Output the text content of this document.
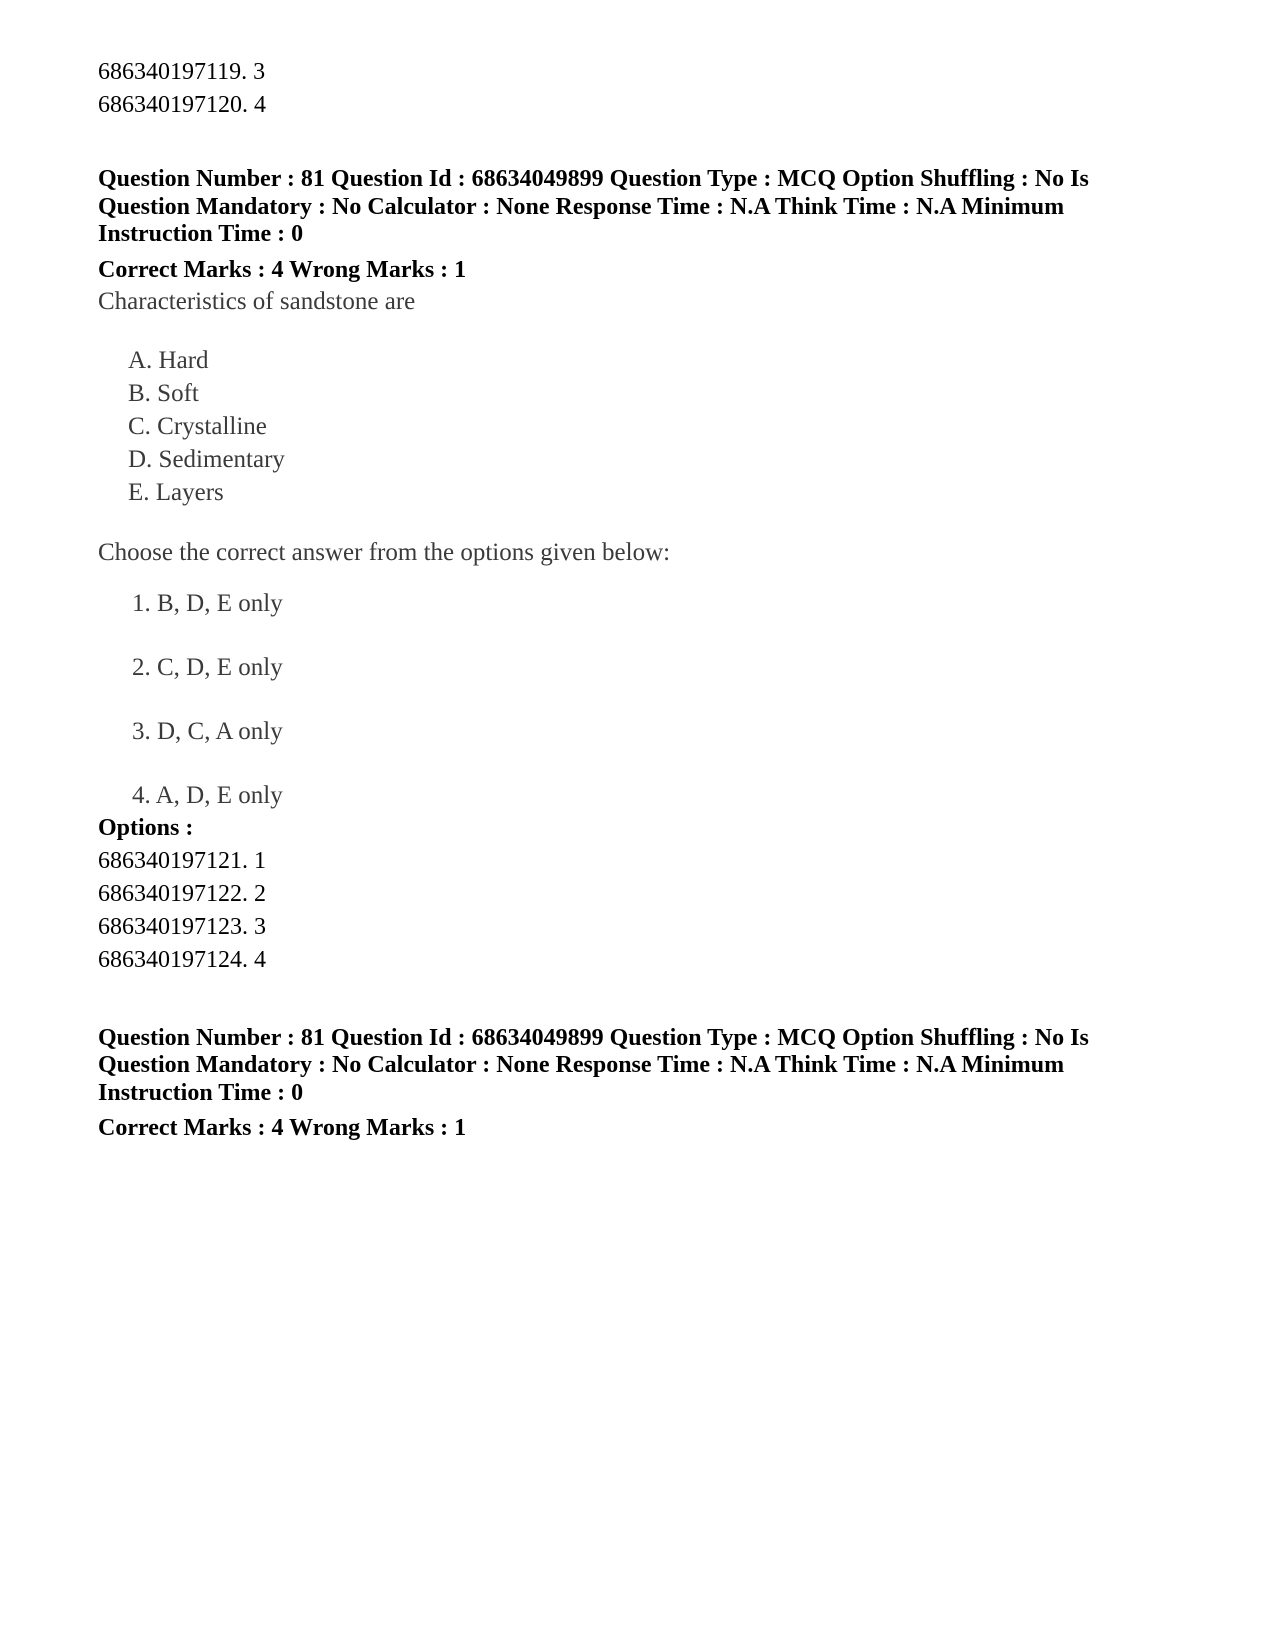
686340197119. 3

686340197120. 4

Question Number : 81 Question Id : 68634049899 Question Type : MCQ Option Shuffling : No Is

Question Mandatory : No Calculator : None Response Time : N.A Think Time : N.A Minimum

Instruction Time : 0

Correct Marks : 4 Wrong Marks : 1

Characteristics of sandstone are

A. Hard
B. Soft
C. Crystalline
D. Sedimentary
E. Layers

Choose the correct answer from the options given below:

1. B, D, E only
2. C, D, E only
3. D, C, A only
4. A, D, E only

Options :

686340197121. 1

686340197122. 2

686340197123. 3

686340197124. 4

Question Number : 81 Question Id : 68634049899 Question Type : MCQ Option Shuffling : No Is

Question Mandatory : No Calculator : None Response Time : N.A Think Time : N.A Minimum

Instruction Time : 0

Correct Marks : 4 Wrong Marks : 1
